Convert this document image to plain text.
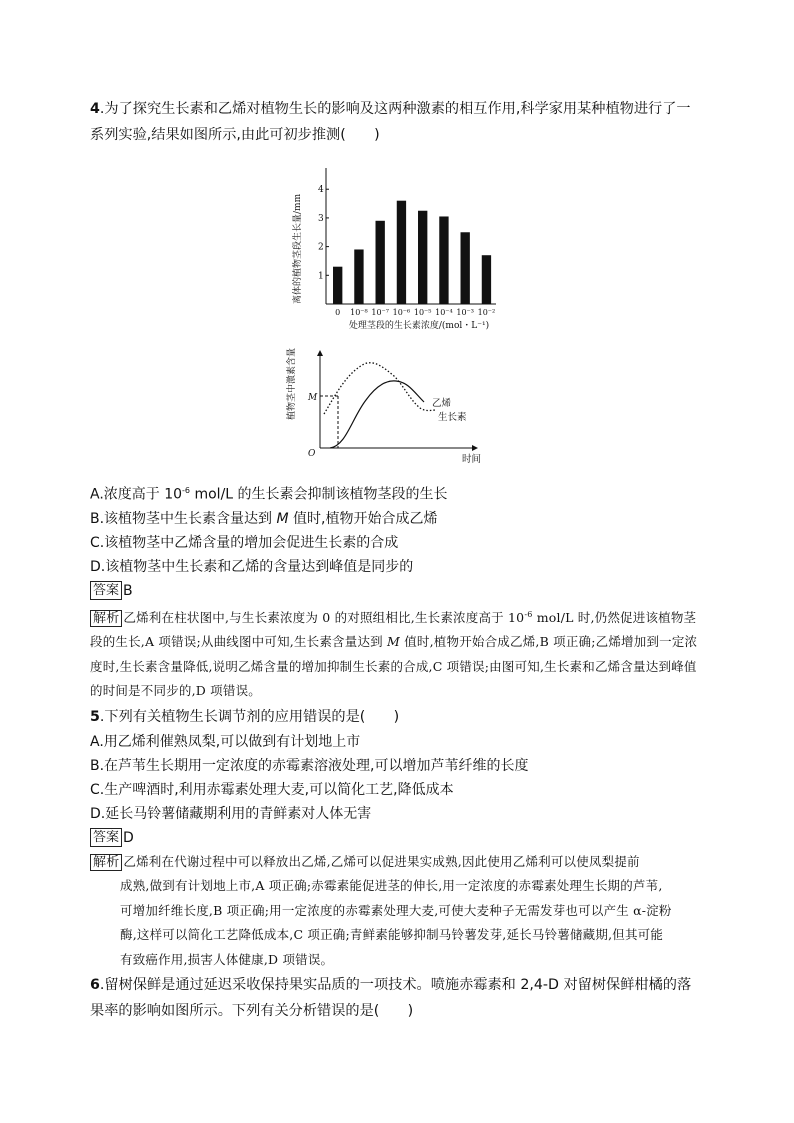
4.为了探究生长素和乙烯对植物生长的影响及这两种激素的相互作用,科学家用某种植物进行了一系列实验,结果如图所示,由此可初步推测(　　)
1
2
3
4
0 10⁻⁸ 10⁻⁷ 10⁻⁶ 10⁻⁵ 10⁻⁴ 10⁻³ 10⁻²
离体的植物茎段生长量/mm
处理茎段的生长素浓度/(mol・L⁻¹)
植物茎中激素含量
O
M	乙烯
生长素
时间
A.浓度高于 $10^{-6}$ mol/L 的生长素会抑制该植物茎段的生长
B.该植物茎中生长素含量达到 M 值时,植物开始合成乙烯
C.该植物茎中乙烯含量的增加会促进生长素的合成
D.该植物茎中生长素和乙烯的含量达到峰值是同步的
答案 B
解析 乙烯利在柱状图中,与生长素浓度为 0 的对照组相比,生长素浓度高于 $10^{-6}$ mol/L 时,仍然促进该植物茎段的生长,A 项错误;从曲线图中可知,生长素含量达到 M 值时,植物开始合成乙烯,B 项正确;乙烯增加到一定浓度时,生长素含量降低,说明乙烯含量的增加抑制生长素的合成,C 项错误;由图可知,生长素和乙烯含量达到峰值的时间是不同步的,D 项错误。
5.下列有关植物生长调节剂的应用错误的是(　　)
A.用乙烯利催熟凤梨,可以做到有计划地上市
B.在芦苇生长期用一定浓度的赤霉素溶液处理,可以增加芦苇纤维的长度
C.生产啤酒时,利用赤霉素处理大麦,可以简化工艺,降低成本
D.延长马铃薯储藏期利用的青鲜素对人体无害
答案 D
解析 乙烯利在代谢过程中可以释放出乙烯,乙烯可以促进果实成熟,因此使用乙烯利可以使凤梨提前
成熟,做到有计划地上市,A 项正确;赤霉素能促进茎的伸长,用一定浓度的赤霉素处理生长期的芦苇,
可增加纤维长度,B 项正确;用一定浓度的赤霉素处理大麦,可使大麦种子无需发芽也可以产生 α-淀粉
酶,这样可以简化工艺降低成本,C 项正确;青鲜素能够抑制马铃薯发芽,延长马铃薯储藏期,但其可能
有致癌作用,损害人体健康,D 项错误。
6.留树保鲜是通过延迟采收保持果实品质的一项技术。喷施赤霉素和 2,4-D 对留树保鲜柑橘的落果率的影响如图所示。下列有关分析错误的是(　　)
